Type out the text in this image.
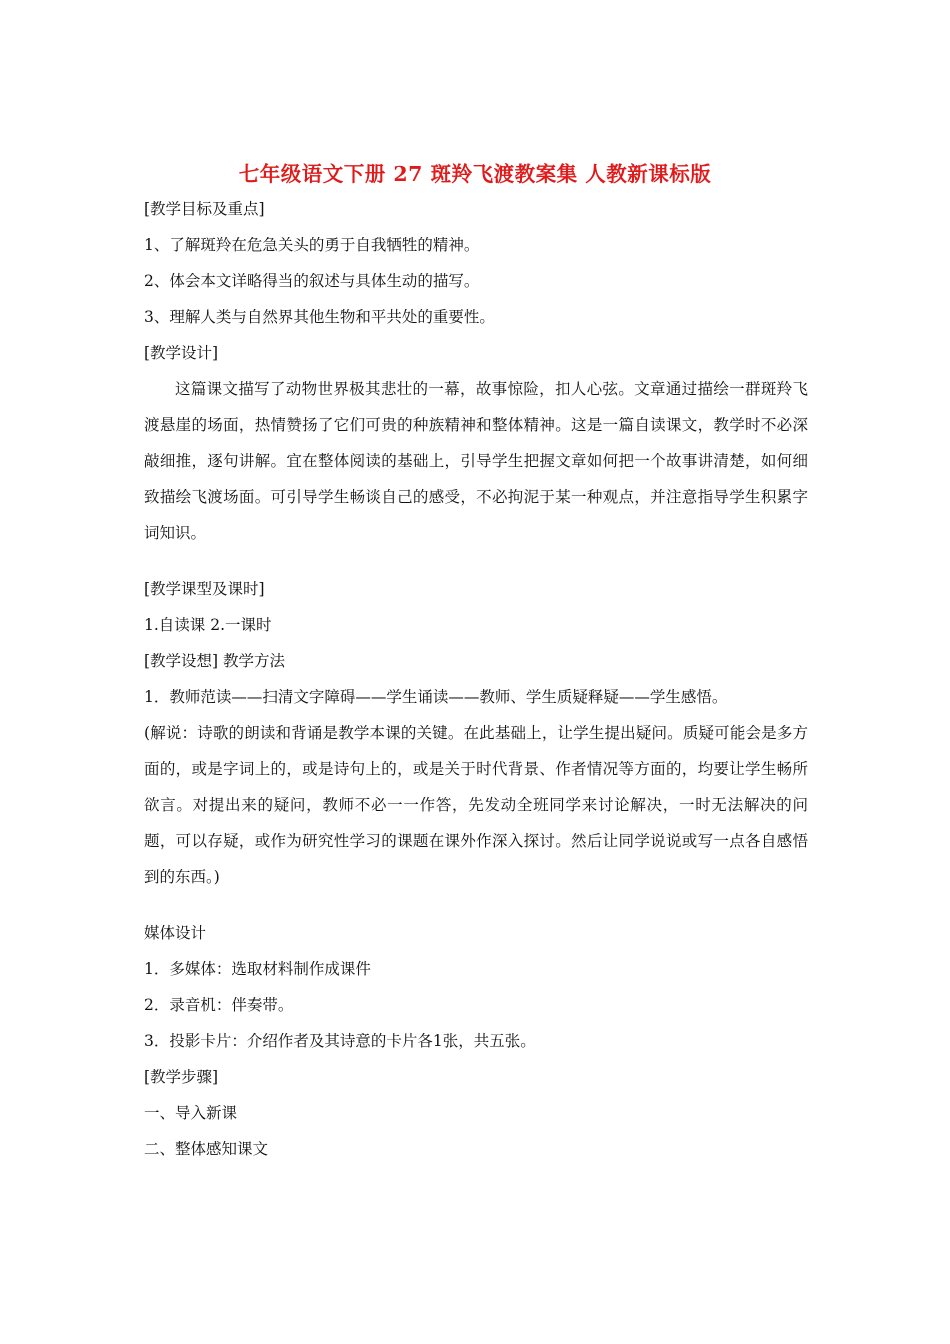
七年级语文下册 27 斑羚飞渡教案集 人教新课标版
[教学目标及重点]
1、了解斑羚在危急关头的勇于自我牺牲的精神。
2、体会本文详略得当的叙述与具体生动的描写。
3、理解人类与自然界其他生物和平共处的重要性。
[教学设计]
这篇课文描写了动物世界极其悲壮的一幕，故事惊险，扣人心弦。文章通过描绘一群斑羚飞渡悬崖的场面，热情赞扬了它们可贵的种族精神和整体精神。这是一篇自读课文，教学时不必深敲细推，逐句讲解。宜在整体阅读的基础上，引导学生把握文章如何把一个故事讲清楚，如何细致描绘飞渡场面。可引导学生畅谈自己的感受，不必拘泥于某一种观点，并注意指导学生积累字词知识。
[教学课型及课时]
1.自读课 2.一课时
[教学设想] 教学方法
1．教师范读——扫清文字障碍——学生诵读——教师、学生质疑释疑——学生感悟。
(解说：诗歌的朗读和背诵是教学本课的关键。在此基础上，让学生提出疑问。质疑可能会是多方面的，或是字词上的，或是诗句上的，或是关于时代背景、作者情况等方面的，均要让学生畅所欲言。对提出来的疑问，教师不必一一作答，先发动全班同学来讨论解决，一时无法解决的问题，可以存疑，或作为研究性学习的课题在课外作深入探讨。然后让同学说说或写一点各自感悟到的东西。)
媒体设计
1．多媒体：选取材料制作成课件
2．录音机：伴奏带。
3．投影卡片：介绍作者及其诗意的卡片各1张，共五张。
[教学步骤]
一、导入新课
二、整体感知课文
